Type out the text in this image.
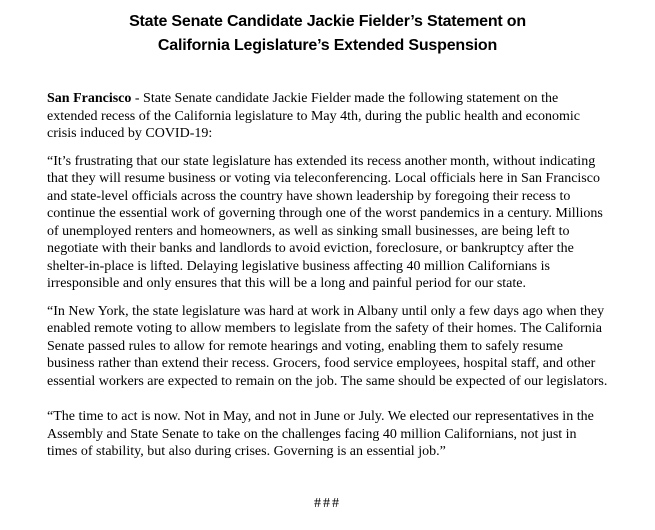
State Senate Candidate Jackie Fielder’s Statement on
California Legislature’s Extended Suspension

San Francisco - State Senate candidate Jackie Fielder made the following statement on the extended recess of the California legislature to May 4th, during the public health and economic crisis induced by COVID-19:

“It’s frustrating that our state legislature has extended its recess another month, without indicating that they will resume business or voting via teleconferencing. Local officials here in San Francisco and state-level officials across the country have shown leadership by foregoing their recess to continue the essential work of governing through one of the worst pandemics in a century. Millions of unemployed renters and homeowners, as well as sinking small businesses, are being left to negotiate with their banks and landlords to avoid eviction, foreclosure, or bankruptcy after the shelter-in-place is lifted. Delaying legislative business affecting 40 million Californians is irresponsible and only ensures that this will be a long and painful period for our state.

“In New York, the state legislature was hard at work in Albany until only a few days ago when they enabled remote voting to allow members to legislate from the safety of their homes. The California Senate passed rules to allow for remote hearings and voting, enabling them to safely resume business rather than extend their recess. Grocers, food service employees, hospital staff, and other essential workers are expected to remain on the job. The same should be expected of our legislators.

“The time to act is now. Not in May, and not in June or July. We elected our representatives in the Assembly and State Senate to take on the challenges facing 40 million Californians, not just in times of stability, but also during crises. Governing is an essential job.”

###
